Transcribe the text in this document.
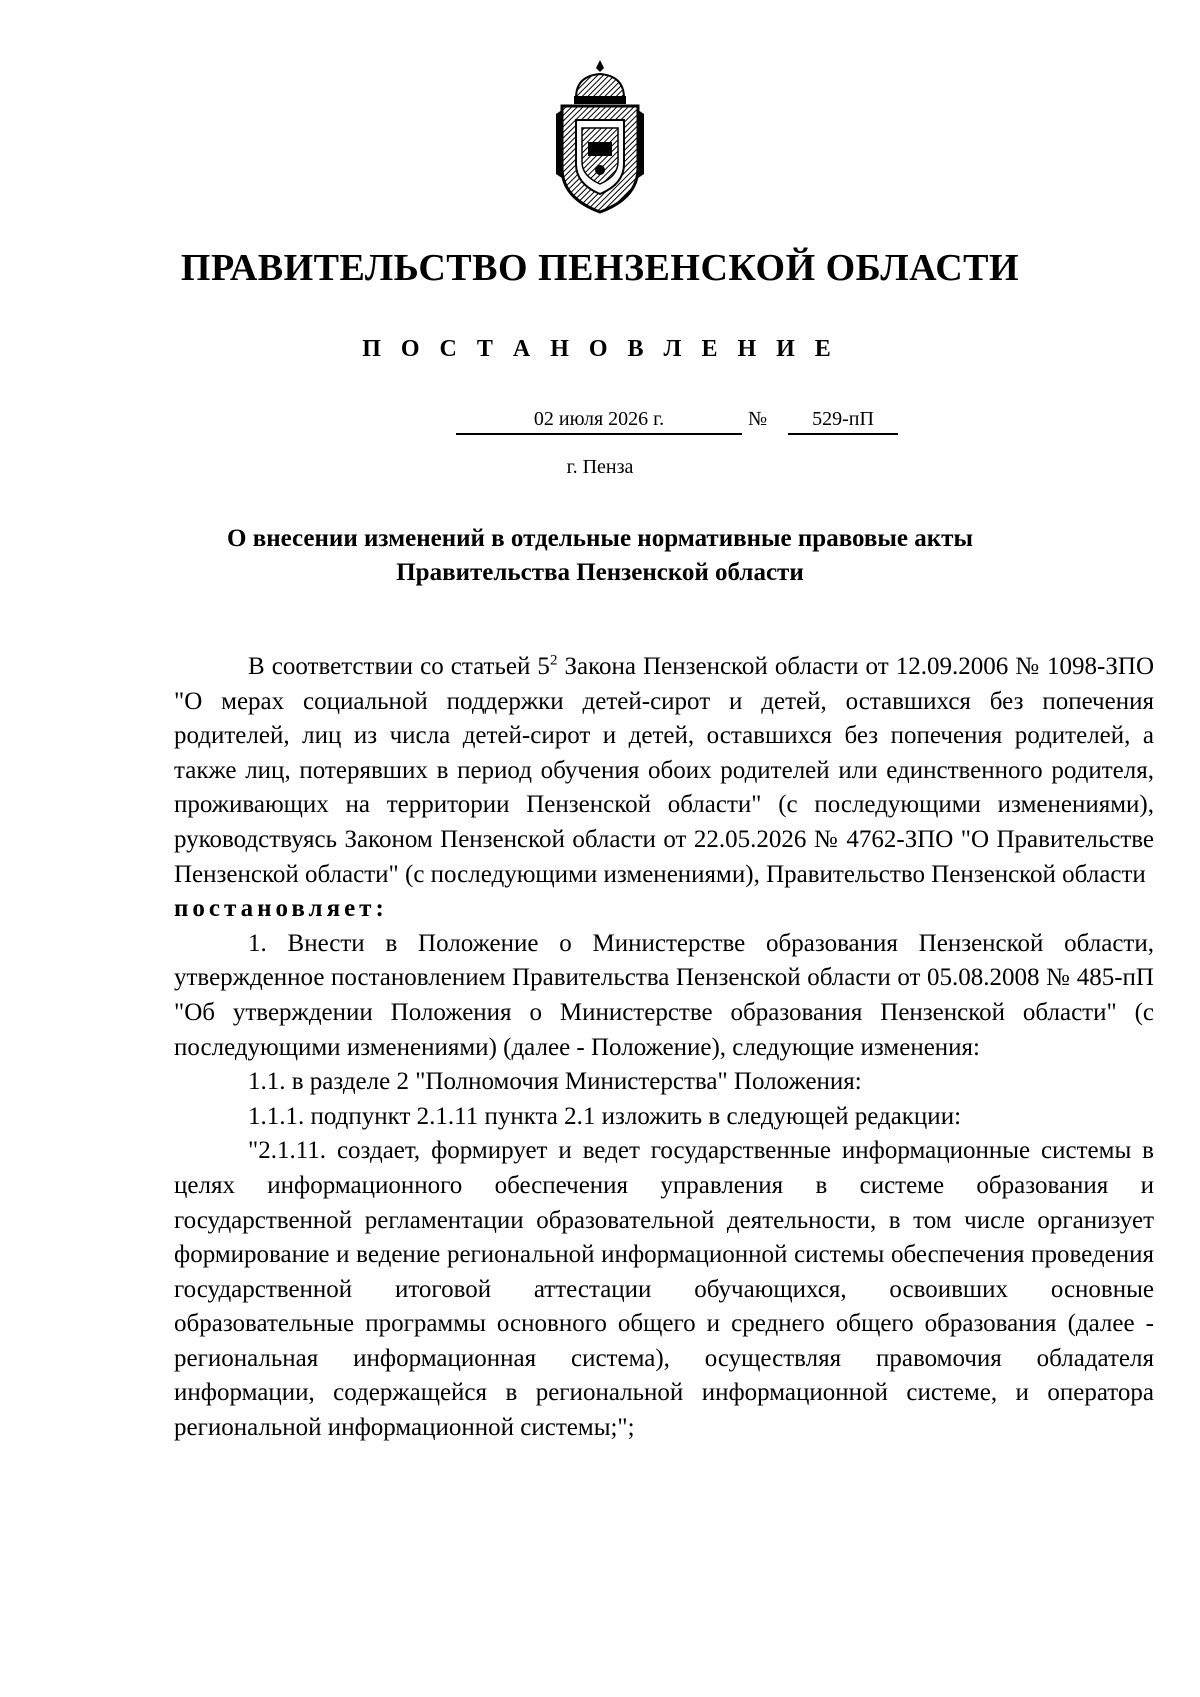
ПРАВИТЕЛЬСТВО ПЕНЗЕНСКОЙ ОБЛАСТИ
П О С Т А Н О В Л Е Н И Е
02 июля 2026 г.	№	529-пП
г. Пенза
О внесении изменений в отдельные нормативные правовые акты
Правительства Пензенской области

В соответствии со статьей $5^2$ Закона Пензенской области от 12.09.2006 № 1098-ЗПО "О мерах социальной поддержки детей-сирот и детей, оставшихся без попечения родителей, лиц из числа детей-сирот и детей, оставшихся без попечения родителей, а также лиц, потерявших в период обучения обоих родителей или единственного родителя, проживающих на территории Пензенской области" (с последующими изменениями), руководствуясь Законом Пензенской области от 22.05.2026 № 4762-ЗПО "О Правительстве Пензенской области" (с последующими изменениями), Правительство Пензенской области

постановляет:

1. Внести в Положение о Министерстве образования Пензенской области, утвержденное постановлением Правительства Пензенской области от 05.08.2008 № 485-пП "Об утверждении Положения о Министерстве образования Пензенской области" (с последующими изменениями) (далее - Положение), следующие изменения:

1.1. в разделе 2 "Полномочия Министерства" Положения:

1.1.1. подпункт 2.1.11 пункта 2.1 изложить в следующей редакции:

"2.1.11. создает, формирует и ведет государственные информационные системы в целях информационного обеспечения управления в системе образования и государственной регламентации образовательной деятельности, в том числе организует формирование и ведение региональной информационной системы обеспечения проведения государственной итоговой аттестации обучающихся, освоивших основные образовательные программы основного общего и среднего общего образования (далее - региональная информационная система), осуществляя правомочия обладателя информации, содержащейся в региональной информационной системе, и оператора региональной информационной системы;";
